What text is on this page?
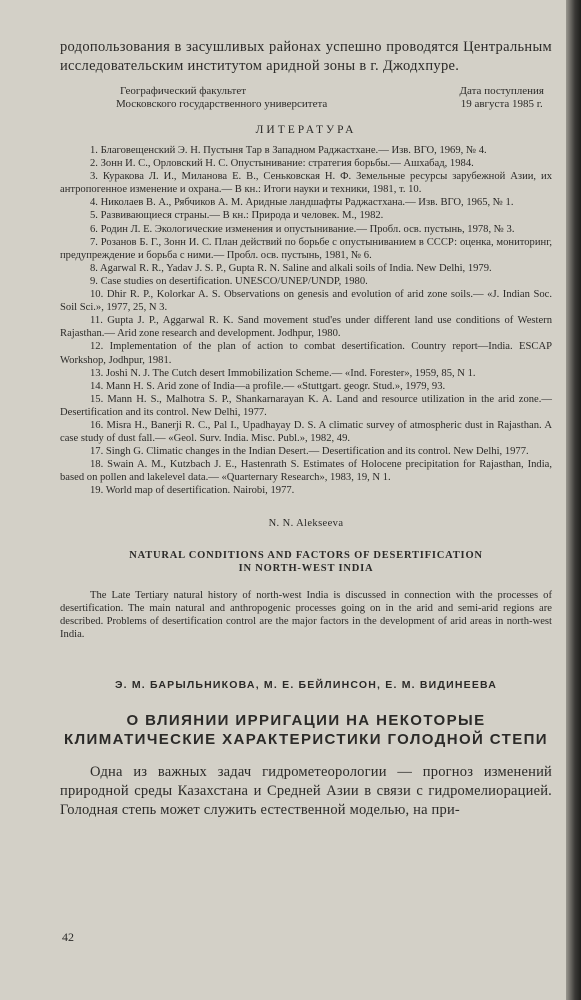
родопользования в засушливых районах успешно проводятся Центральным исследовательским институтом аридной зоны в г. Джодхпуре.

Географический факультет
Московского государственного университета
Дата поступления
19 августа 1985 г.
ЛИТЕРАТУРА
1. Благовещенский Э. Н. Пустыня Тар в Западном Раджастхане.— Изв. ВГО, 1969, № 4.
2. Зонн И. С., Орловский Н. С. Опустынивание: стратегия борьбы.— Ашхабад, 1984.
3. Куракова Л. И., Миланова Е. В., Сеньковская Н. Ф. Земельные ресурсы зарубежной Азии, их антропогенное изменение и охрана.— В кн.: Итоги науки и техники, 1981, т. 10.
4. Николаев В. А., Рябчиков А. М. Аридные ландшафты Раджастхана.— Изв. ВГО, 1965, № 1.
5. Развивающиеся страны.— В кн.: Природа и человек. М., 1982.
6. Родин Л. Е. Экологические изменения и опустынивание.— Пробл. осв. пустынь, 1978, № 3.
7. Розанов Б. Г., Зонн И. С. План действий по борьбе с опустыниванием в СССР: оценка, мониторинг, предупреждение и борьба с ними.— Пробл. осв. пустынь, 1981, № 6.
8. Agarwal R. R., Yadav J. S. P., Gupta R. N. Saline and alkali soils of India. New Delhi, 1979.
9. Case studies on desertification. UNESCO/UNEP/UNDP, 1980.
10. Dhir R. P., Kolorkar A. S. Observations on genesis and evolution of arid zone soils.— «J. Indian Soc. Soil Sci.», 1977, 25, N 3.
11. Gupta J. P., Aggarwal R. K. Sand movement stud'es under different land use conditions of Western Rajasthan.— Arid zone research and development. Jodhpur, 1980.
12. Implementation of the plan of action to combat desertification. Country report—India. ESCAP Workshop, Jodhpur, 1981.
13. Joshi N. J. The Cutch desert Immobilization Scheme.— «Ind. Forester», 1959, 85, N 1.
14. Mann H. S. Arid zone of India—a profile.— «Stuttgart. geogr. Stud.», 1979, 93.
15. Mann H. S., Malhotra S. P., Shankarnarayan K. A. Land and resource utilization in the arid zone.— Desertification and its control. New Delhi, 1977.
16. Misra H., Banerji R. C., Pal I., Upadhayay D. S. A climatic survey of atmospheric dust in Rajasthan. A case study of dust fall.— «Geol. Surv. India. Misc. Publ.», 1982, 49.
17. Singh G. Climatic changes in the Indian Desert.— Desertification and its control. New Delhi, 1977.
18. Swain A. M., Kutzbach J. E., Hastenrath S. Estimates of Holocene precipitation for Rajasthan, India, based on pollen and lakelevel data.— «Quarternary Research», 1983, 19, N 1.
19. World map of desertification. Nairobi, 1977.
N. N. Alekseeva
NATURAL CONDITIONS AND FACTORS OF DESERTIFICATION
IN NORTH-WEST INDIA

The Late Tertiary natural history of north-west India is discussed in connection with the processes of desertification. The main natural and anthropogenic processes going on in the arid and semi-arid regions are described. Problems of desertification control are the major factors in the development of arid areas in north-west India.

Э. М. БАРЫЛЬНИКОВА, М. Е. БЕЙЛИНСОН, Е. М. ВИДИНЕЕВА
О ВЛИЯНИИ ИРРИГАЦИИ НА НЕКОТОРЫЕ
КЛИМАТИЧЕСКИЕ ХАРАКТЕРИСТИКИ ГОЛОДНОЙ СТЕПИ

Одна из важных задач гидрометеорологии — прогноз изменений природной среды Казахстана и Средней Азии в связи с гидромелиорацией. Голодная степь может служить естественной моделью, на при-

42
